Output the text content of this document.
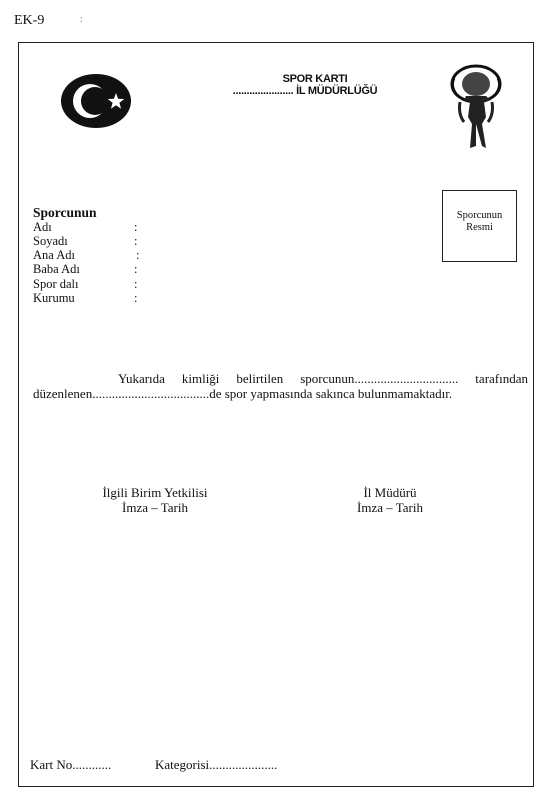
EK-9	:
SPOR KARTI
...................... İL MÜDÜRLÜĞÜ
Sporcunun
Resmi
Sporcunun
Adı	:
Soyadı	:
Ana Adı	:
Baba Adı	:
Spor dalı	:
Kurumu	:
Yukarıda kimliği belirtilen sporcunun................................ tarafından
düzenlenen....................................de spor yapmasında sakınca bulunmamaktadır.
İlgili Birim Yetkilisi
İmza – Tarih
İl Müdürü
İmza – Tarih
Kart No............	Kategorisi.....................
